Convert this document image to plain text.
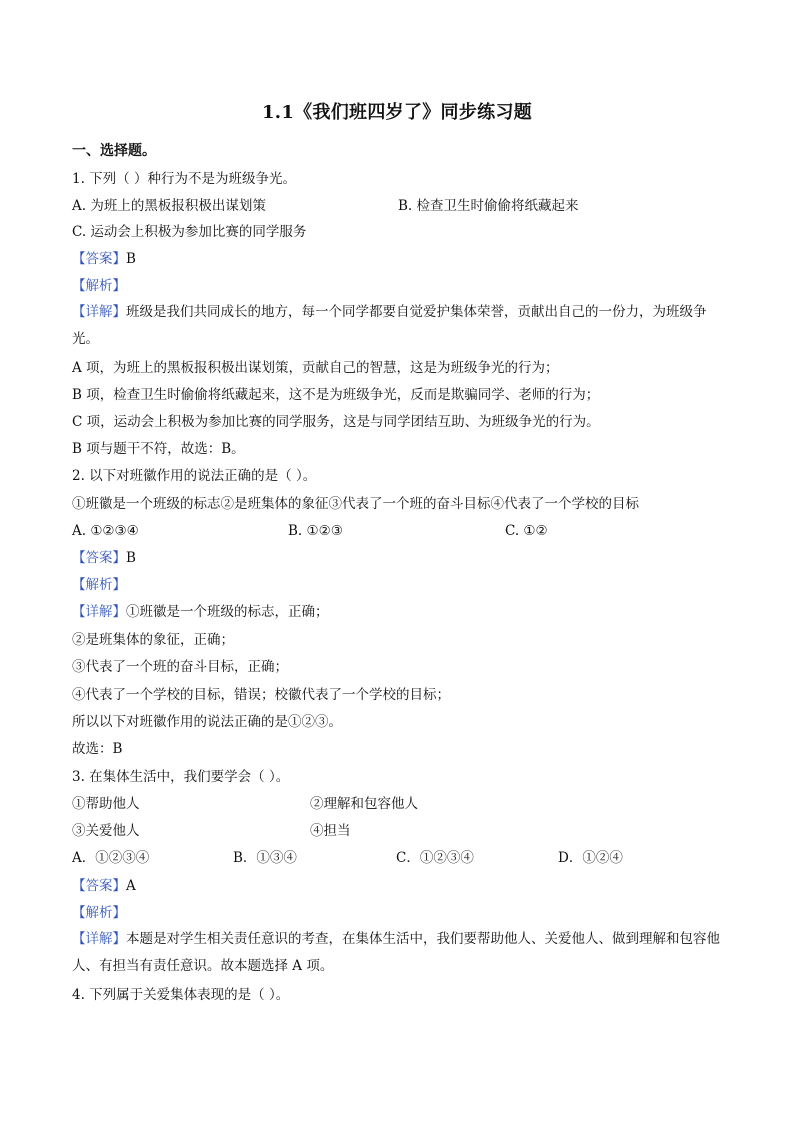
1.1《我们班四岁了》同步练习题
一、选择题。
1. 下列（ ）种行为不是为班级争光。
A. 为班上的黑板报积极出谋划策	B. 检查卫生时偷偷将纸藏起来
C. 运动会上积极为参加比赛的同学服务
【答案】B
【解析】
【详解】班级是我们共同成长的地方，每一个同学都要自觉爱护集体荣誉，贡献出自己的一份力，为班级争光。
A 项，为班上的黑板报积极出谋划策，贡献自己的智慧，这是为班级争光的行为；
B 项，检查卫生时偷偷将纸藏起来，这不是为班级争光，反而是欺骗同学、老师的行为；
C 项，运动会上积极为参加比赛的同学服务，这是与同学团结互助、为班级争光的行为。
B 项与题干不符，故选：B。
2. 以下对班徽作用的说法正确的是（ ）。
①班徽是一个班级的标志②是班集体的象征③代表了一个班的奋斗目标④代表了一个学校的目标
A. ①②③④	B. ①②③	C. ①②
【答案】B
【解析】
【详解】①班徽是一个班级的标志，正确；
②是班集体的象征，正确；
③代表了一个班的奋斗目标，正确；
④代表了一个学校的目标，错误；校徽代表了一个学校的目标；
所以以下对班徽作用的说法正确的是①②③。
故选：B
3. 在集体生活中，我们要学会（ ）。
①帮助他人	②理解和包容他人
③关爱他人	④担当
A．①②③④	B．①③④	C．①②③④	D．①②④
【答案】A
【解析】
【详解】本题是对学生相关责任意识的考查，在集体生活中，我们要帮助他人、关爱他人、做到理解和包容他人、有担当有责任意识。故本题选择 A 项。
4. 下列属于关爱集体表现的是（ ）。
